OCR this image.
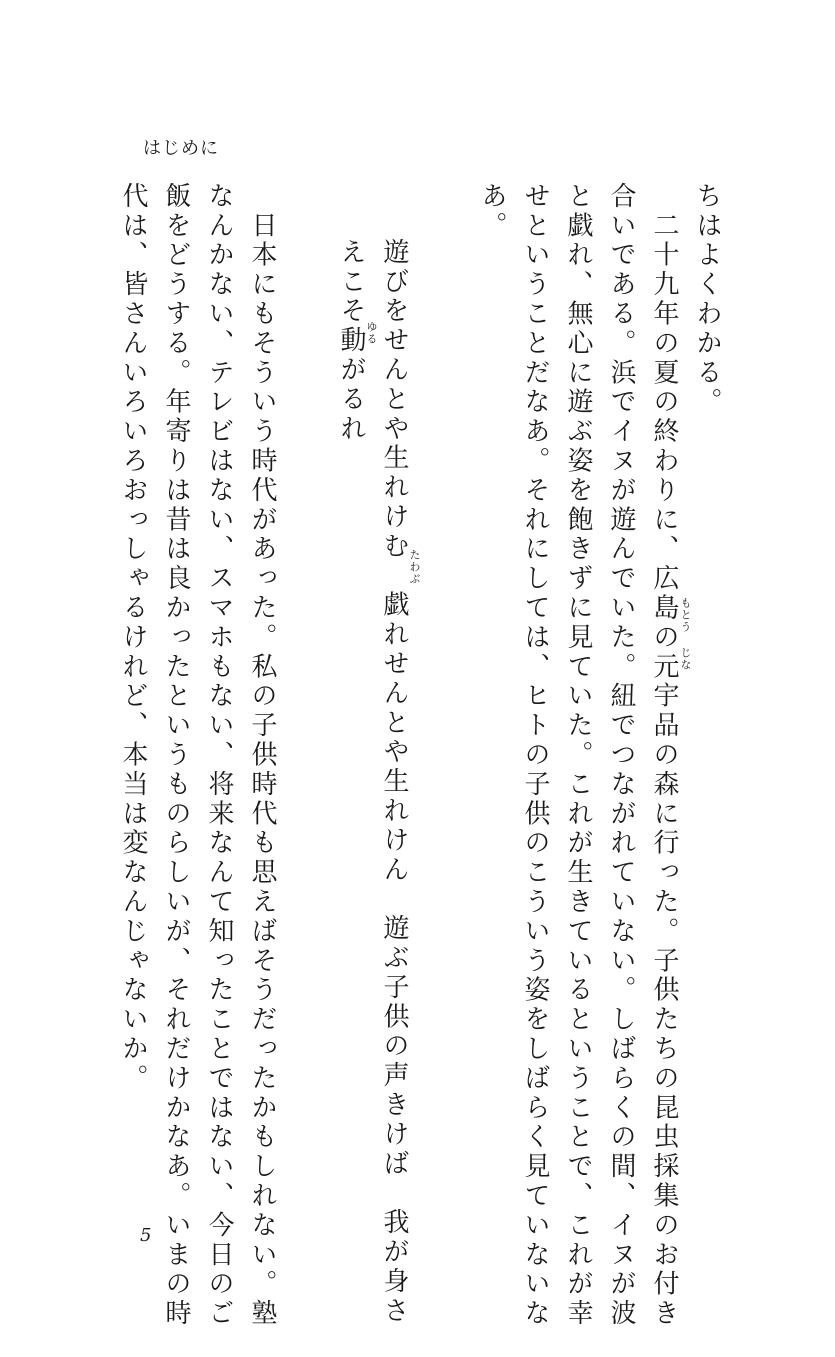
はじめに
ちはよくわかる。
　二十九年の夏の終わりに、広島の元宇品の森に行った。子供たちの昆虫採集のお付き
合いである。浜でイヌが遊んでいた。紐でつながれていない。しばらくの間、イヌが波
と戯れ、無心に遊ぶ姿を飽きずに見ていた。これが生きているということで、これが幸
せということだなあ。それにしては、ヒトの子供のこういう姿をしばらく見ていないな
あ。
遊びをせんとや生れけむ　戯れせんとや生れけん　遊ぶ子供の声きけば　我が身さ
えこそ動がるれ
　日本にもそういう時代があった。私の子供時代も思えばそうだったかもしれない。塾
なんかない、テレビはない、スマホもない、将来なんて知ったことではない、今日のご
飯をどうする。年寄りは昔は良かったというものらしいが、それだけかなあ。いまの時
代は、皆さんいろいろおっしゃるけれど、本当は変なんじゃないか。	もとう
じな
たわぶ
ゆる
5
